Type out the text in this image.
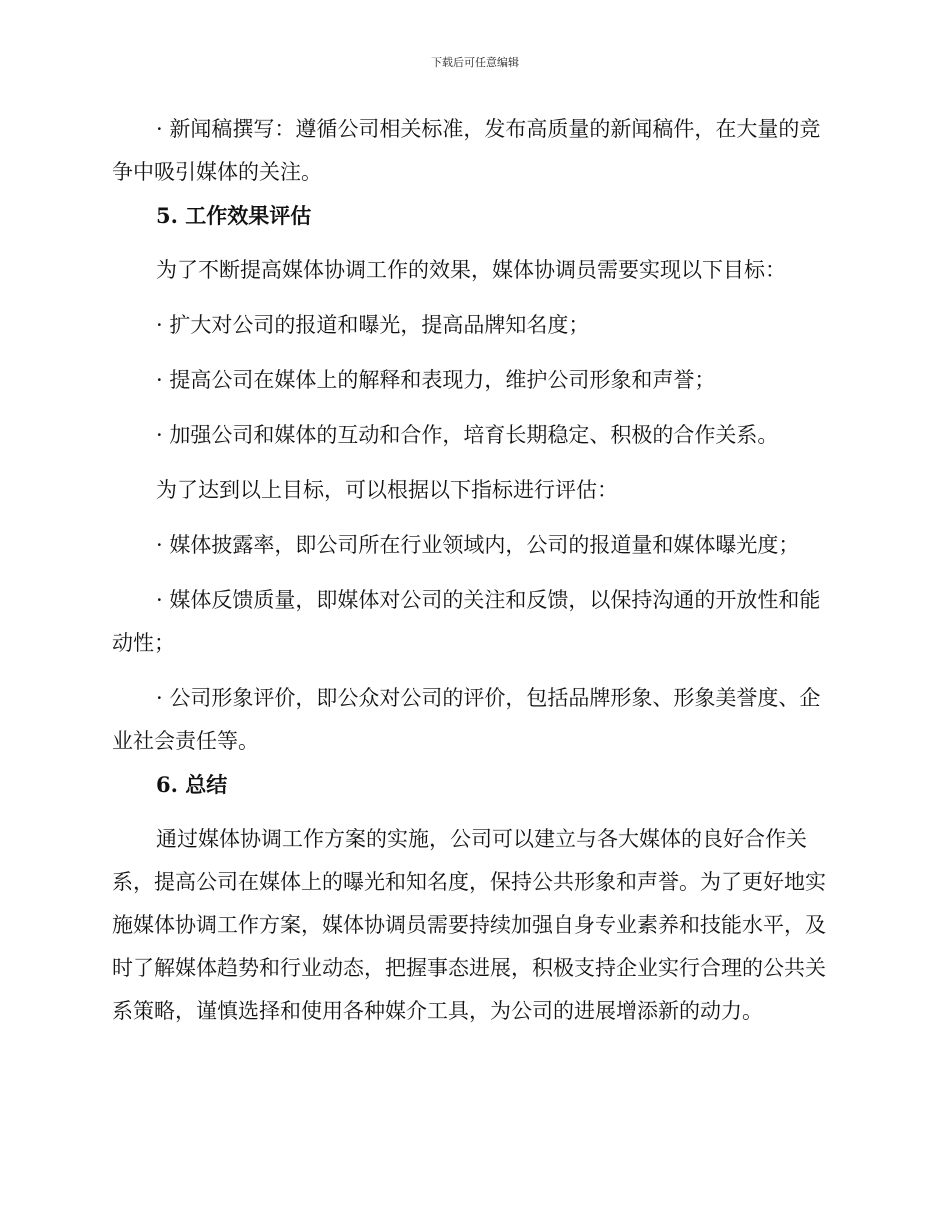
下载后可任意编辑

· 新闻稿撰写：遵循公司相关标准，发布高质量的新闻稿件，在大量的竞争中吸引媒体的关注。

5. 工作效果评估

为了不断提高媒体协调工作的效果，媒体协调员需要实现以下目标：

· 扩大对公司的报道和曝光，提高品牌知名度；

· 提高公司在媒体上的解释和表现力，维护公司形象和声誉；

· 加强公司和媒体的互动和合作，培育长期稳定、积极的合作关系。

为了达到以上目标，可以根据以下指标进行评估：

· 媒体披露率，即公司所在行业领域内，公司的报道量和媒体曝光度；

· 媒体反馈质量，即媒体对公司的关注和反馈，以保持沟通的开放性和能动性；

· 公司形象评价，即公众对公司的评价，包括品牌形象、形象美誉度、企业社会责任等。

6. 总结

通过媒体协调工作方案的实施，公司可以建立与各大媒体的良好合作关系，提高公司在媒体上的曝光和知名度，保持公共形象和声誉。为了更好地实施媒体协调工作方案，媒体协调员需要持续加强自身专业素养和技能水平，及时了解媒体趋势和行业动态，把握事态进展，积极支持企业实行合理的公共关系策略，谨慎选择和使用各种媒介工具，为公司的进展增添新的动力。
